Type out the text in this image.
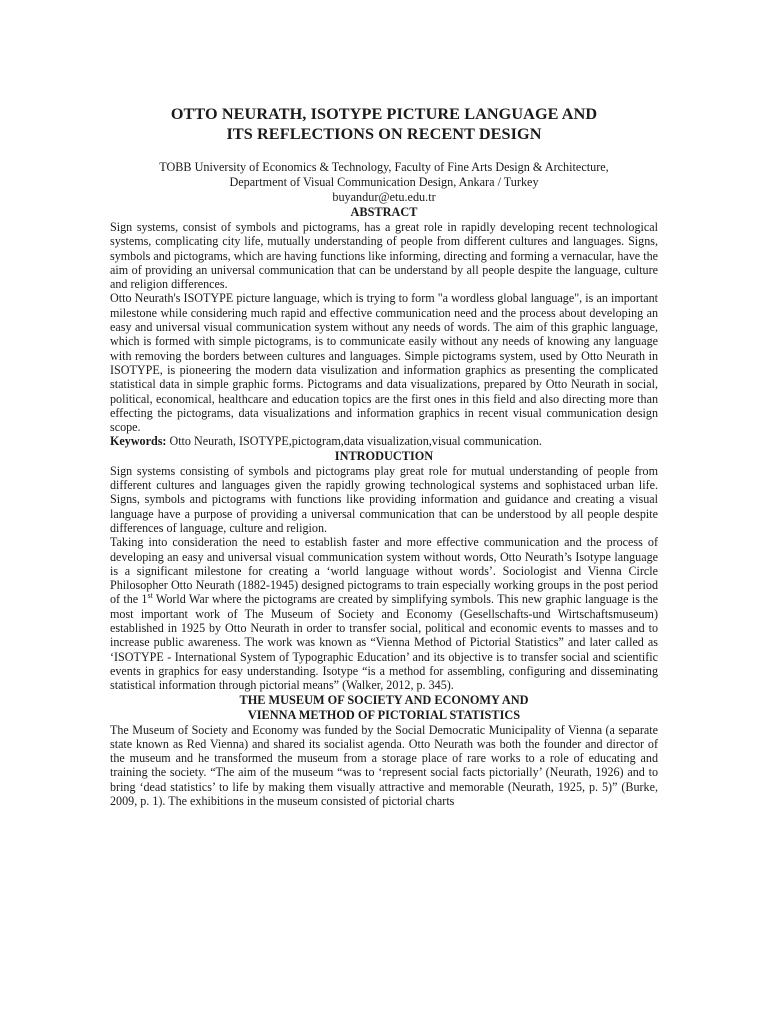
OTTO NEURATH, ISOTYPE PICTURE LANGUAGE AND
ITS REFLECTIONS ON RECENT DESIGN
TOBB University of Economics & Technology, Faculty of Fine Arts Design & Architecture,
Department of Visual Communication Design, Ankara / Turkey
buyandur@etu.edu.tr
ABSTRACT

Sign systems, consist of symbols and pictograms, has a great role in rapidly developing recent technological systems, complicating city life, mutually understanding of people from different cultures and languages. Signs, symbols and pictograms, which are having functions like informing, directing and forming a vernacular, have the aim of providing an universal communication that can be understand by all people despite the language, culture and religion differences.

Otto Neurath's ISOTYPE picture language, which is trying to form "a wordless global language", is an important milestone while considering much rapid and effective communication need and the process about developing an easy and universal visual communication system without any needs of words. The aim of this graphic language, which is formed with simple pictograms, is to communicate easily without any needs of knowing any language with removing the borders between cultures and languages. Simple pictograms system, used by Otto Neurath in ISOTYPE, is pioneering the modern data visulization and information graphics as presenting the complicated statistical data in simple graphic forms. Pictograms and data visualizations, prepared by Otto Neurath in social, political, economical, healthcare and education topics are the first ones in this field and also directing more than effecting the pictograms, data visualizations and information graphics in recent visual communication design scope.

Keywords: Otto Neurath, ISOTYPE,pictogram,data visualization,visual communication.

INTRODUCTION

Sign systems consisting of symbols and pictograms play great role for mutual understanding of people from different cultures and languages given the rapidly growing technological systems and sophistaced urban life. Signs, symbols and pictograms with functions like providing information and guidance and creating a visual language have a purpose of providing a universal communication that can be understood by all people despite differences of language, culture and religion.

Taking into consideration the need to establish faster and more effective communication and the process of developing an easy and universal visual communication system without words, Otto Neurath’s Isotype language is a significant milestone for creating a ‘world language without words’. Sociologist and Vienna Circle Philosopher Otto Neurath (1882-1945) designed pictograms to train especially working groups in the post period of the 1st World War where the pictograms are created by simplifying symbols. This new graphic language is the most important work of The Museum of Society and Economy (Gesellschafts-und Wirtschaftsmuseum) established in 1925 by Otto Neurath in order to transfer social, political and economic events to masses and to increase public awareness. The work was known as “Vienna Method of Pictorial Statistics” and later called as ‘ISOTYPE - International System of Typographic Education’ and its objective is to transfer social and scientific events in graphics for easy understanding. Isotype “is a method for assembling, configuring and disseminating statistical information through pictorial means” (Walker, 2012, p. 345).

THE MUSEUM OF SOCIETY AND ECONOMY AND
VIENNA METHOD OF PICTORIAL STATISTICS

The Museum of Society and Economy was funded by the Social Democratic Municipality of Vienna (a separate state known as Red Vienna) and shared its socialist agenda. Otto Neurath was both the founder and director of the museum and he transformed the museum from a storage place of rare works to a role of educating and training the society. “The aim of the museum “was to ‘represent social facts pictorially’ (Neurath, 1926) and to bring ‘dead statistics’ to life by making them visually attractive and memorable (Neurath, 1925, p. 5)” (Burke, 2009, p. 1). The exhibitions in the museum consisted of pictorial charts
